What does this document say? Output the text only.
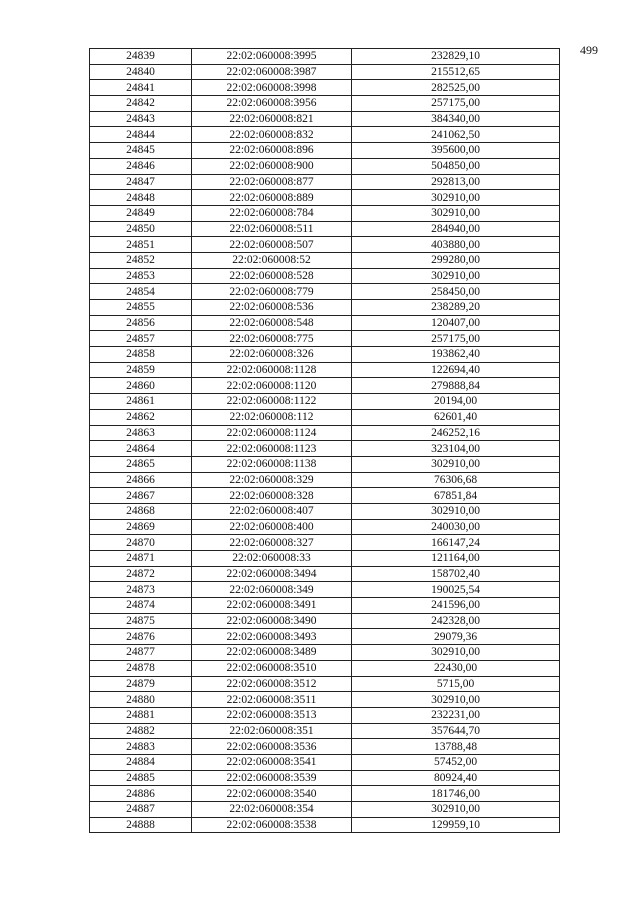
499
24839	22:02:060008:3995	232829,10
24840	22:02:060008:3987	215512,65
24841	22:02:060008:3998	282525,00
24842	22:02:060008:3956	257175,00
24843	22:02:060008:821	384340,00
24844	22:02:060008:832	241062,50
24845	22:02:060008:896	395600,00
24846	22:02:060008:900	504850,00
24847	22:02:060008:877	292813,00
24848	22:02:060008:889	302910,00
24849	22:02:060008:784	302910,00
24850	22:02:060008:511	284940,00
24851	22:02:060008:507	403880,00
24852	22:02:060008:52	299280,00
24853	22:02:060008:528	302910,00
24854	22:02:060008:779	258450,00
24855	22:02:060008:536	238289,20
24856	22:02:060008:548	120407,00
24857	22:02:060008:775	257175,00
24858	22:02:060008:326	193862,40
24859	22:02:060008:1128	122694,40
24860	22:02:060008:1120	279888,84
24861	22:02:060008:1122	20194,00
24862	22:02:060008:112	62601,40
24863	22:02:060008:1124	246252,16
24864	22:02:060008:1123	323104,00
24865	22:02:060008:1138	302910,00
24866	22:02:060008:329	76306,68
24867	22:02:060008:328	67851,84
24868	22:02:060008:407	302910,00
24869	22:02:060008:400	240030,00
24870	22:02:060008:327	166147,24
24871	22:02:060008:33	121164,00
24872	22:02:060008:3494	158702,40
24873	22:02:060008:349	190025,54
24874	22:02:060008:3491	241596,00
24875	22:02:060008:3490	242328,00
24876	22:02:060008:3493	29079,36
24877	22:02:060008:3489	302910,00
24878	22:02:060008:3510	22430,00
24879	22:02:060008:3512	5715,00
24880	22:02:060008:3511	302910,00
24881	22:02:060008:3513	232231,00
24882	22:02:060008:351	357644,70
24883	22:02:060008:3536	13788,48
24884	22:02:060008:3541	57452,00
24885	22:02:060008:3539	80924,40
24886	22:02:060008:3540	181746,00
24887	22:02:060008:354	302910,00
24888	22:02:060008:3538	129959,10
